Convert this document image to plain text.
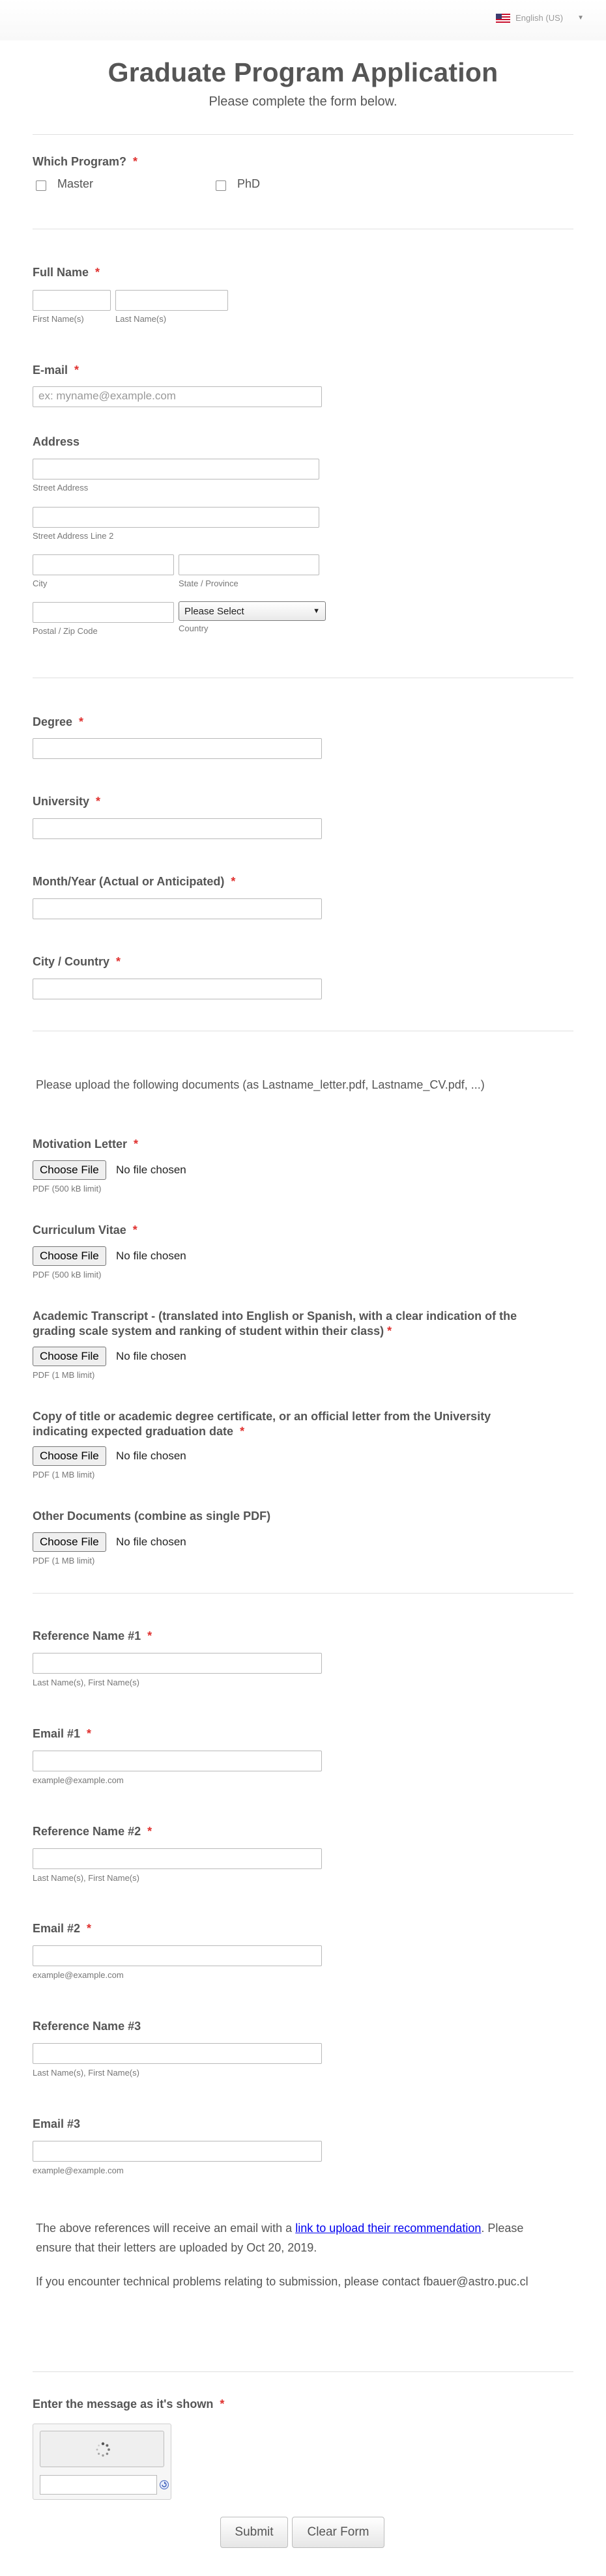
English (US) ▼
Graduate Program Application

Please complete the form below.

Which Program? *
Master	PhD
Full Name *
First Name(s)	Last Name(s)
E-mail *
ex: myname@example.com
Address
Street Address
Street Address Line 2
City	State / Province
Postal / Zip Code
Please Select	▼
Country
Degree *
University *
Month/Year (Actual or Anticipated) *
City / Country *
Please upload the following documents (as Lastname_letter.pdf, Lastname_CV.pdf, ...)
Motivation Letter *
Choose File	No file chosen
PDF (500 kB limit)
Curriculum Vitae *
Choose File	No file chosen
PDF (500 kB limit)
Academic Transcript - (translated into English or Spanish, with a clear indication of the
grading scale system and ranking of student within their class) *
Choose File	No file chosen
PDF (1 MB limit)
Copy of title or academic degree certificate, or an official letter from the University
indicating expected graduation date *
Choose File	No file chosen
PDF (1 MB limit)
Other Documents (combine as single PDF)
Choose File	No file chosen
PDF (1 MB limit)
Reference Name #1 *
Last Name(s), First Name(s)
Email #1 *
example@example.com
Reference Name #2 *
Last Name(s), First Name(s)
Email #2 *
example@example.com
Reference Name #3
Last Name(s), First Name(s)
Email #3
example@example.com
The above references will receive an email with a link to upload their recommendation. Please
ensure that their letters are uploaded by Oct 20, 2019.
If you encounter technical problems relating to submission, please contact fbauer@astro.puc.cl
Enter the message as it's shown *
Submit	Clear Form
